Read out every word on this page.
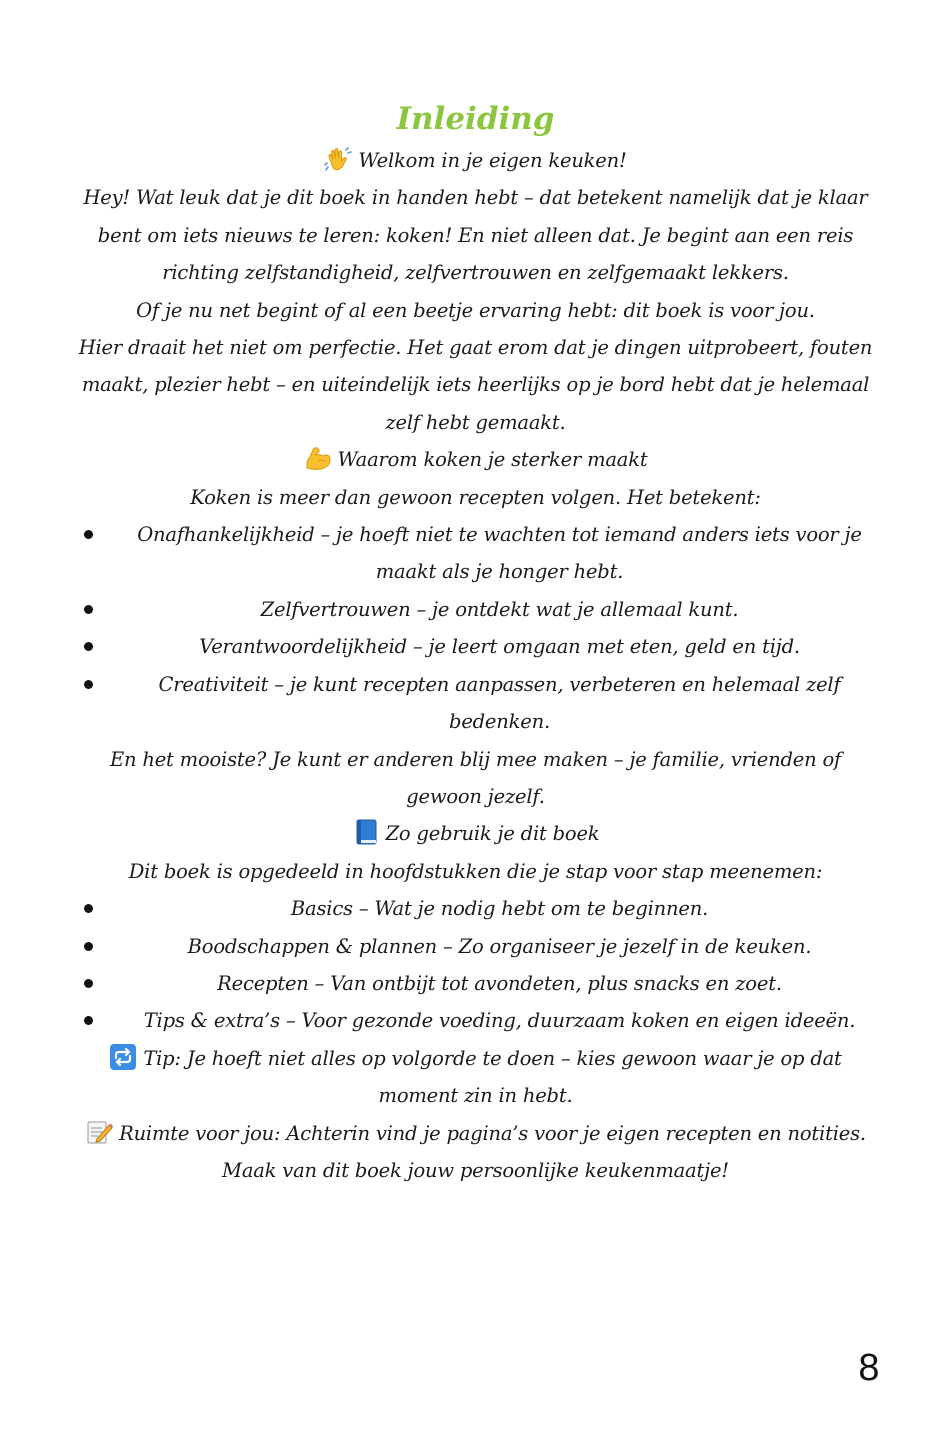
Inleiding

Welkom in je eigen keuken!

Hey! Wat leuk dat je dit boek in handen hebt – dat betekent namelijk dat je klaar bent om iets nieuws te leren: koken! En niet alleen dat. Je begint aan een reis richting zelfstandigheid, zelfvertrouwen en zelfgemaakt lekkers.

Of je nu net begint of al een beetje ervaring hebt: dit boek is voor jou.

Hier draait het niet om perfectie. Het gaat erom dat je dingen uitprobeert, fouten maakt, plezier hebt – en uiteindelijk iets heerlijks op je bord hebt dat je helemaal zelf hebt gemaakt.

Waarom koken je sterker maakt

Koken is meer dan gewoon recepten volgen. Het betekent:

Onafhankelijkheid – je hoeft niet te wachten tot iemand anders iets voor je maakt als je honger hebt.
Zelfvertrouwen – je ontdekt wat je allemaal kunt.
Verantwoordelijkheid – je leert omgaan met eten, geld en tijd.
Creativiteit – je kunt recepten aanpassen, verbeteren en helemaal zelf bedenken.

En het mooiste? Je kunt er anderen blij mee maken – je familie, vrienden of gewoon jezelf.

Zo gebruik je dit boek

Dit boek is opgedeeld in hoofdstukken die je stap voor stap meenemen:

Basics – Wat je nodig hebt om te beginnen.
Boodschappen & plannen – Zo organiseer je jezelf in de keuken.
Recepten – Van ontbijt tot avondeten, plus snacks en zoet.
Tips & extra’s – Voor gezonde voeding, duurzaam koken en eigen ideeën.

Tip: Je hoeft niet alles op volgorde te doen – kies gewoon waar je op dat moment zin in hebt.

Ruimte voor jou: Achterin vind je pagina’s voor je eigen recepten en notities. Maak van dit boek jouw persoonlijke keukenmaatje!

8
